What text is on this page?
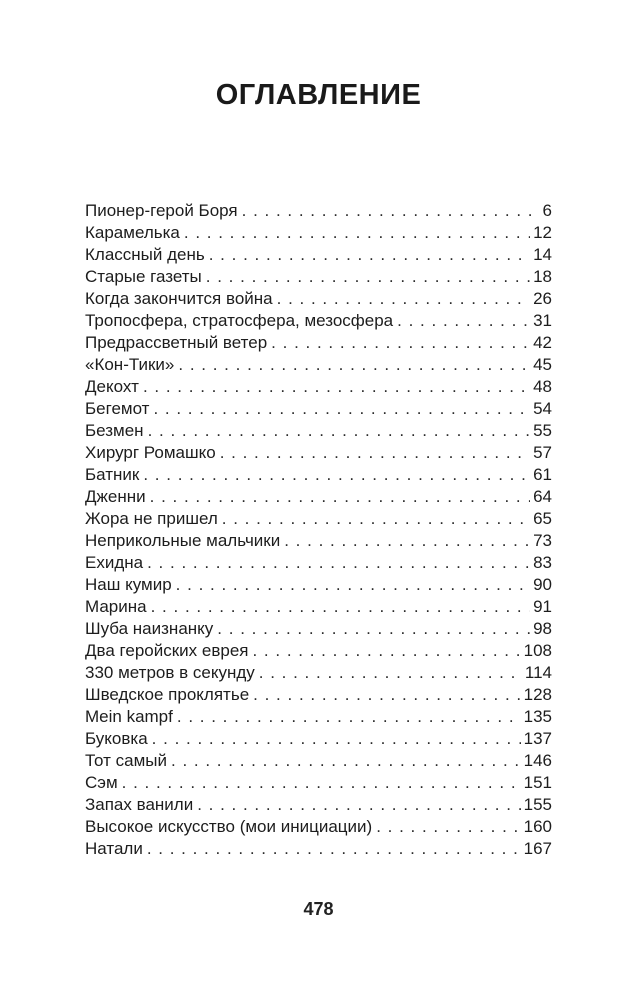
ОГЛАВЛЕНИЕ
Пионер-герой Боря . . .	6
Карамелька . . .	12
Классный день . . .	14
Старые газеты . . .	18
Когда закончится война . . .	26
Тропосфера, стратосфера, мезосфера . . .	31
Предрассветный ветер . . .	42
«Кон-Тики» . . .	45
Декохт . . .	48
Бегемот . . .	54
Безмен . . .	55
Хирург Ромашко . . .	57
Батник . . .	61
Дженни . . .	64
Жора не пришел . . .	65
Неприкольные мальчики . . .	73
Ехидна . . .	83
Наш кумир . . .	90
Марина . . .	91
Шуба наизнанку . . .	98
Два геройских еврея . . .	108
330 метров в секунду . . .	114
Шведское проклятье . . .	128
Mein kampf . . .	135
Буковка . . .	137
Тот самый . . .	146
Сэм . . .	151
Запах ванили . . .	155
Высокое искусство (мои инициации) . . .	160
Натали . . .	167
478
